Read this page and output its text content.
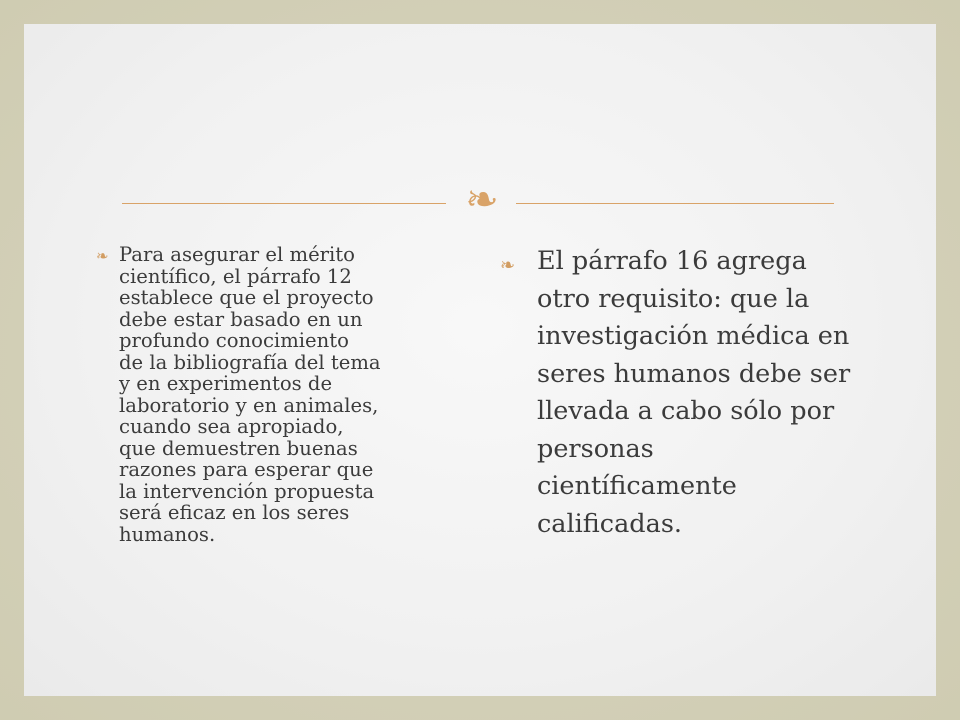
❧
❧ Para asegurar el mérito
científico, el párrafo 12
establece que el proyecto
debe estar basado en un
profundo conocimiento
de la bibliografía del tema
y en experimentos de
laboratorio y en animales,
cuando sea apropiado,
que demuestren buenas
razones para esperar que
la intervención propuesta
será eficaz en los seres
humanos.
❧ El párrafo 16 agrega
otro requisito: que la
investigación médica en
seres humanos debe ser
llevada a cabo sólo por
personas
científicamente
calificadas.
